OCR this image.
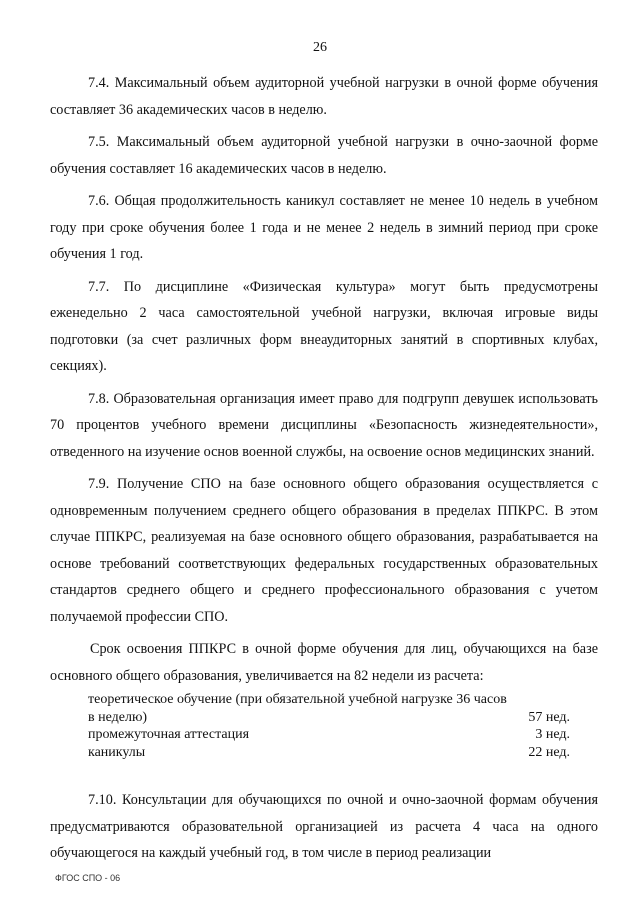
26

7.4. Максимальный объем аудиторной учебной нагрузки в очной форме обучения составляет 36 академических часов в неделю.

7.5. Максимальный объем аудиторной учебной нагрузки в очно-заочной форме обучения составляет 16 академических часов в неделю.

7.6. Общая продолжительность каникул составляет не менее 10 недель в учебном году при сроке обучения более 1 года и не менее 2 недель в зимний период при сроке обучения 1 год.

7.7. По дисциплине «Физическая культура» могут быть предусмотрены еженедельно 2 часа самостоятельной учебной нагрузки, включая игровые виды подготовки (за счет различных форм внеаудиторных занятий в спортивных клубах, секциях).

7.8. Образовательная организация имеет право для подгрупп девушек использовать 70 процентов учебного времени дисциплины «Безопасность жизнедеятельности», отведенного на изучение основ военной службы, на освоение основ медицинских знаний.

7.9. Получение СПО на базе основного общего образования осуществляется с одновременным получением среднего общего образования в пределах ППКРС. В этом случае ППКРС, реализуемая на базе основного общего образования, разрабатывается на основе требований соответствующих федеральных государственных образовательных стандартов среднего общего и среднего профессионального образования с учетом получаемой профессии СПО.

Срок освоения ППКРС в очной форме обучения для лиц, обучающихся на базе основного общего образования, увеличивается на 82 недели из расчета:

теоретическое обучение (при обязательной учебной нагрузке 36 часов в неделю)	57 нед.
промежуточная аттестация	3 нед.
каникулы	22 нед.

7.10. Консультации для обучающихся по очной и очно-заочной формам обучения предусматриваются образовательной организацией из расчета 4 часа на одного обучающегося на каждый учебный год, в том числе в период реализации

ФГОС СПО - 06
